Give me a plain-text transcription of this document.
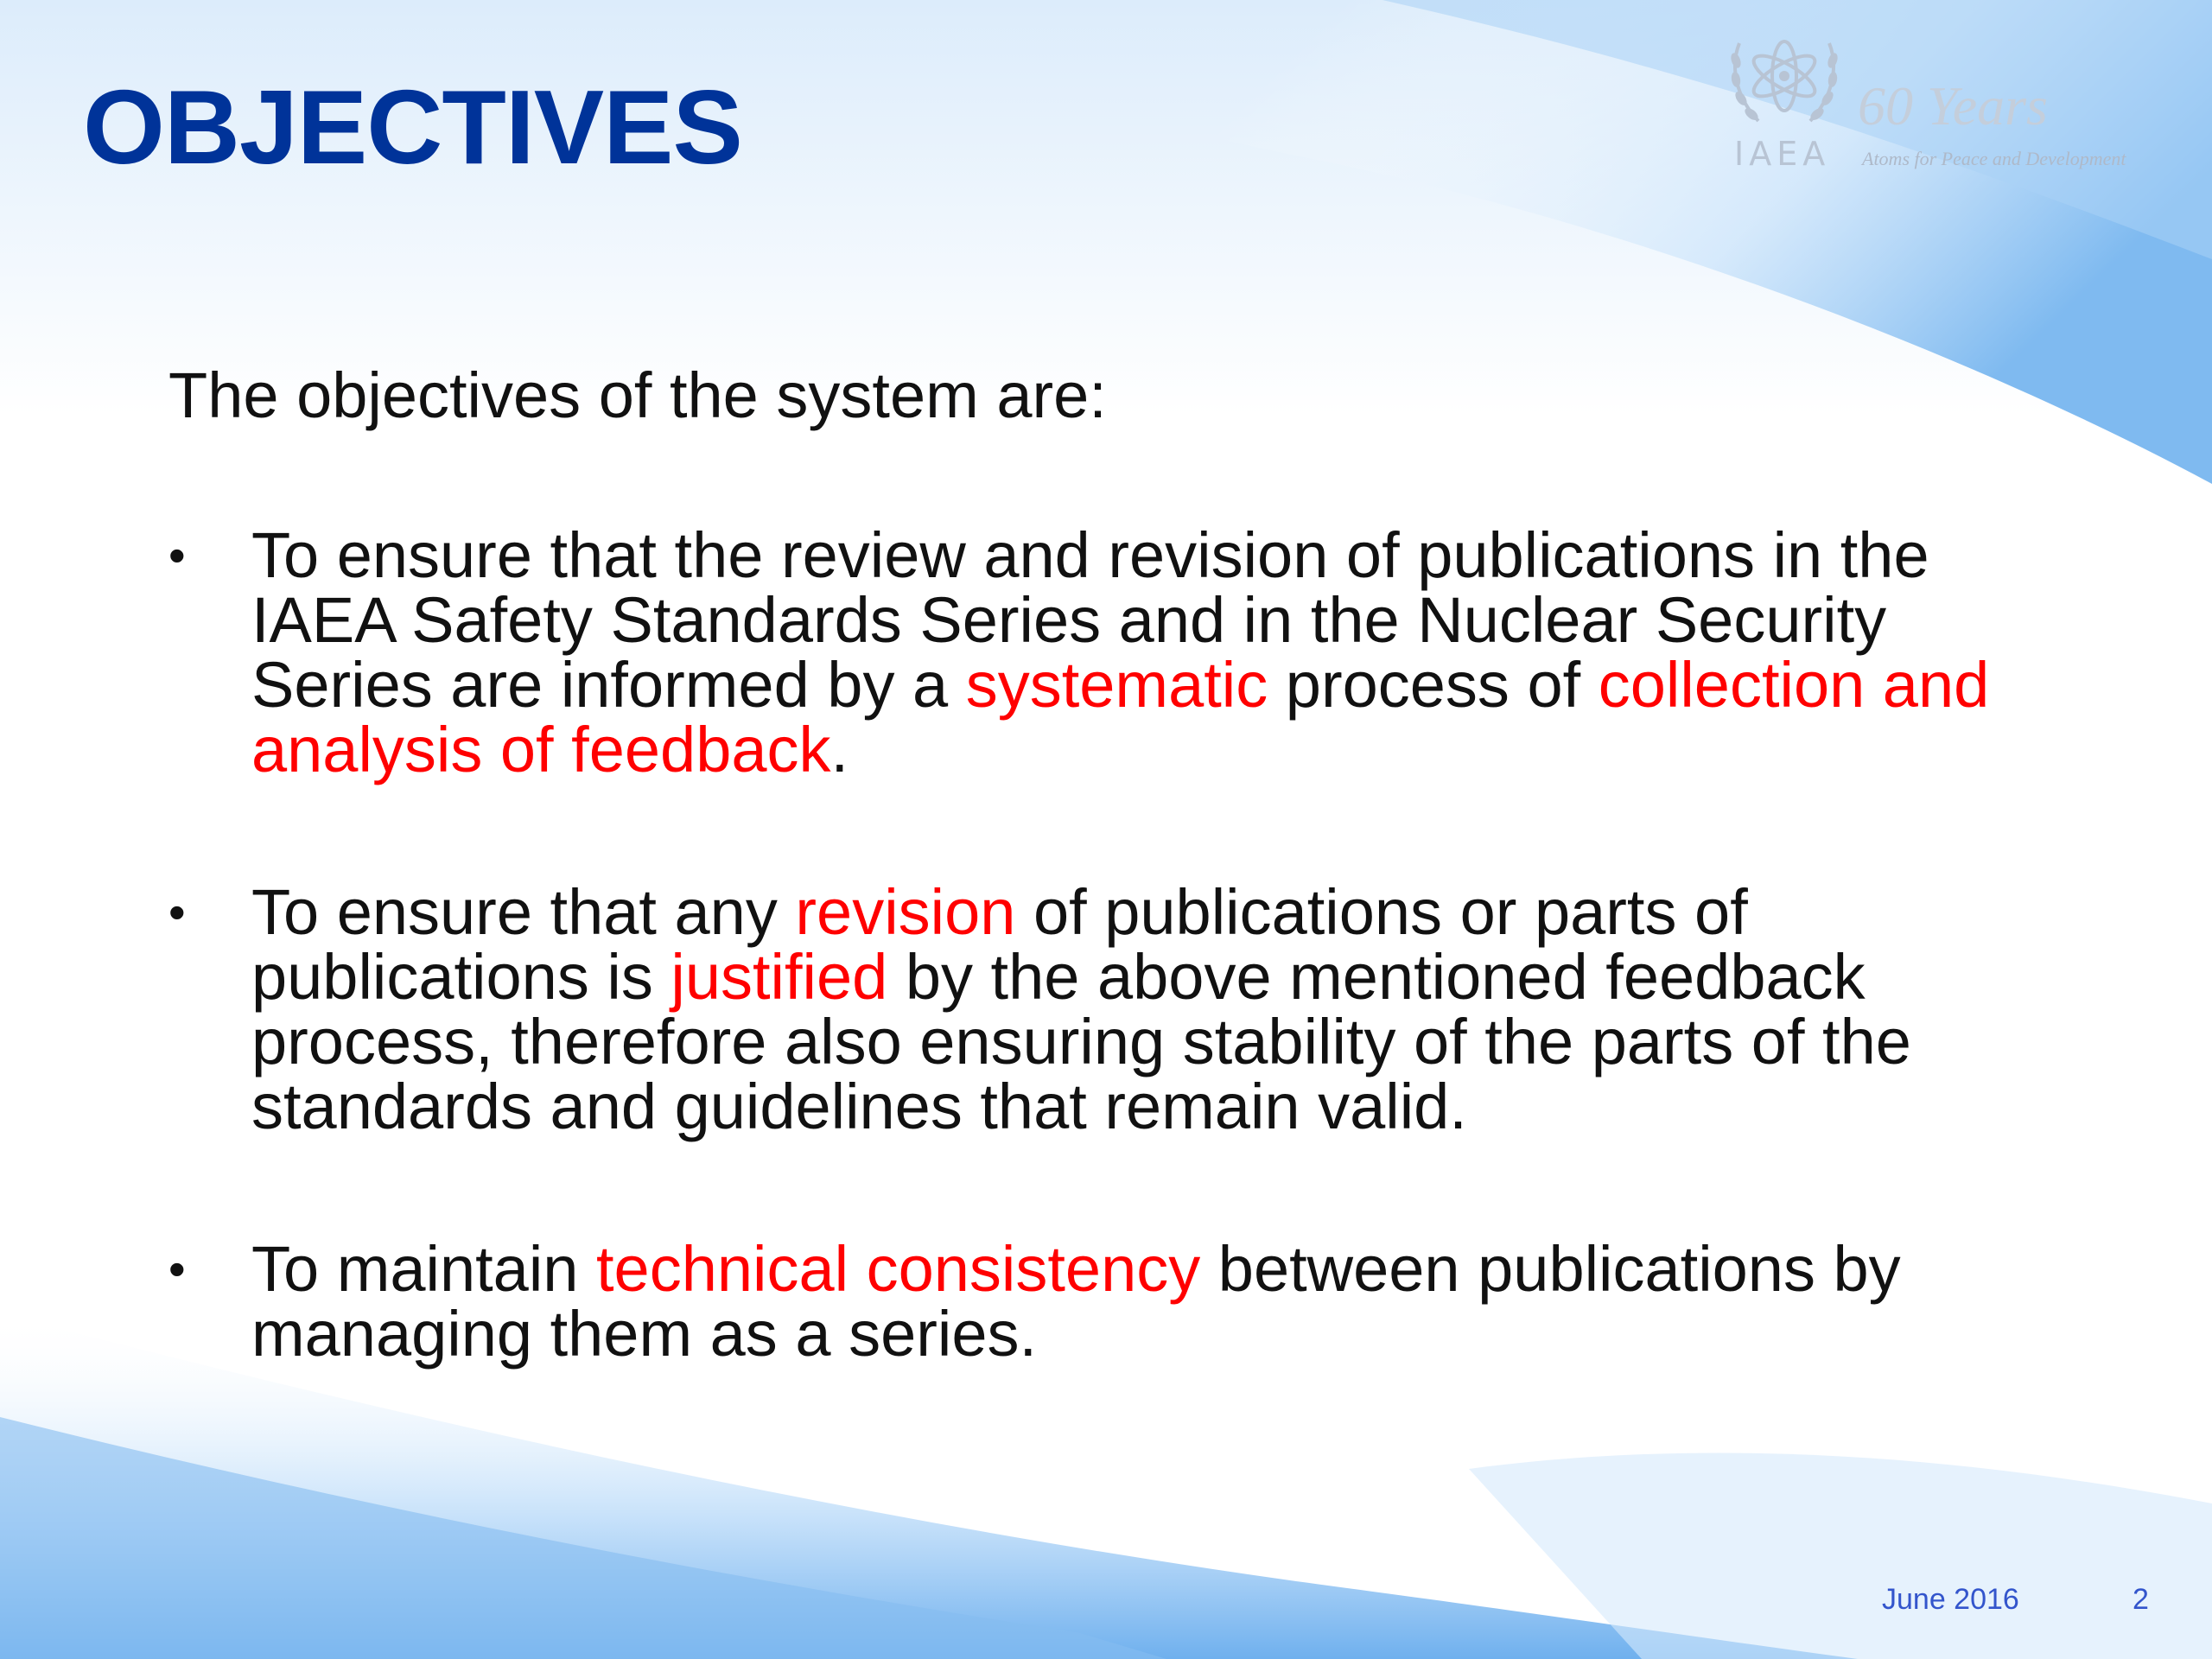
OBJECTIVES	IAEA
60 Years
Atoms for Peace and Development

The objectives of the system are:

• To ensure that the review and revision of publications in the IAEA Safety Standards Series and in the Nuclear Security Series are informed by a systematic process of collection and analysis of feedback.
• To ensure that any revision of publications or parts of publications is justified by the above mentioned feedback process, therefore also ensuring stability of the parts of the standards and guidelines that remain valid.
• To maintain technical consistency between publications by managing them as a series.
June 2016	2
